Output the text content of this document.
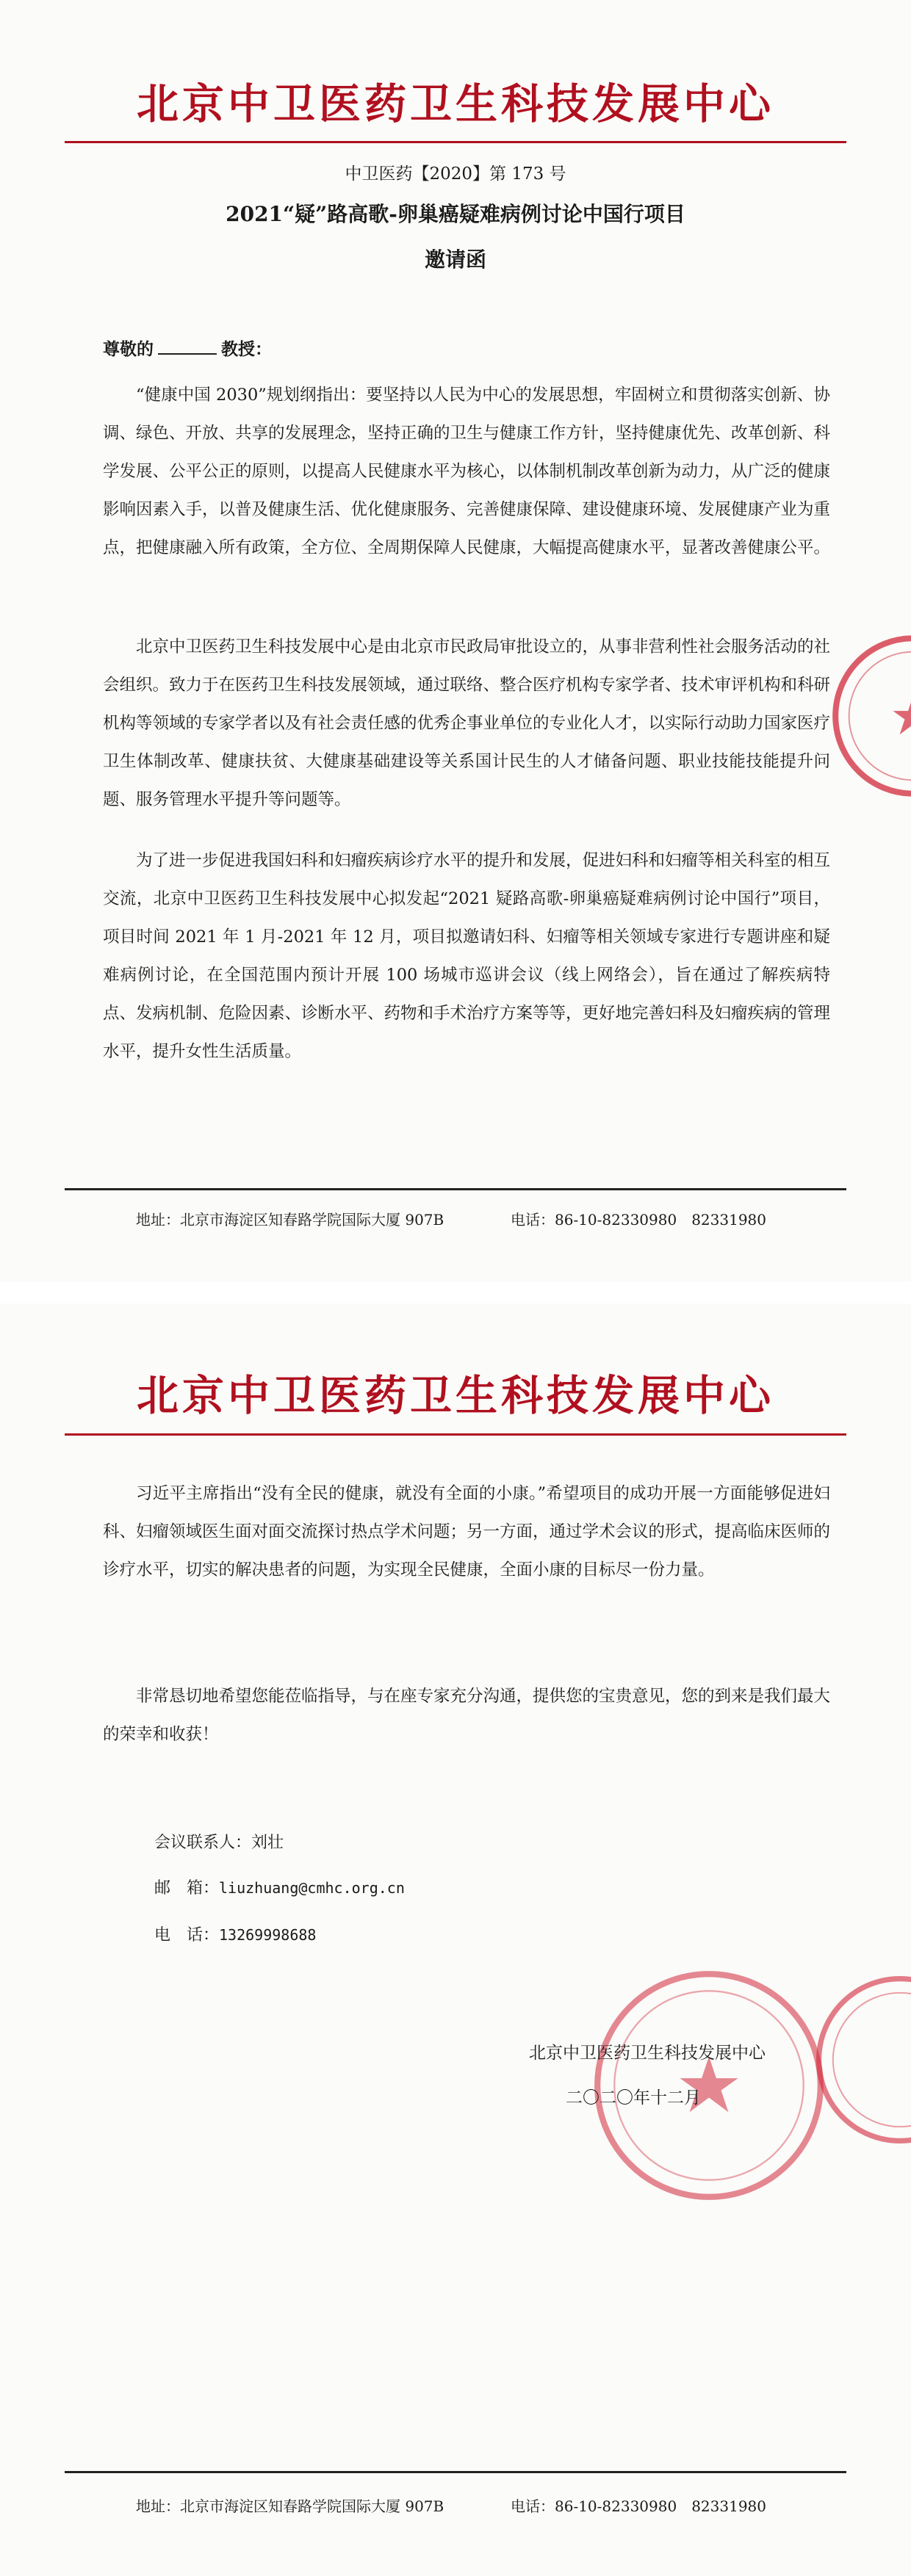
北京中卫医药卫生科技发展中心
中卫医药【2020】第 173 号
2021“疑”路高歌-卵巢癌疑难病例讨论中国行项目
邀请函
尊敬的	教授：

“健康中国 2030”规划纲指出：要坚持以人民为中心的发展思想，牢固树立和贯彻落实创新、协调、绿色、开放、共享的发展理念，坚持正确的卫生与健康工作方针，坚持健康优先、改革创新、科学发展、公平公正的原则，以提高人民健康水平为核心，以体制机制改革创新为动力，从广泛的健康影响因素入手，以普及健康生活、优化健康服务、完善健康保障、建设健康环境、发展健康产业为重点，把健康融入所有政策，全方位、全周期保障人民健康，大幅提高健康水平，显著改善健康公平。

北京中卫医药卫生科技发展中心是由北京市民政局审批设立的，从事非营利性社会服务活动的社会组织。致力于在医药卫生科技发展领域，通过联络、整合医疗机构专家学者、技术审评机构和科研机构等领域的专家学者以及有社会责任感的优秀企事业单位的专业化人才，以实际行动助力国家医疗卫生体制改革、健康扶贫、大健康基础建设等关系国计民生的人才储备问题、职业技能技能提升问题、服务管理水平提升等问题等。

为了进一步促进我国妇科和妇瘤疾病诊疗水平的提升和发展，促进妇科和妇瘤等相关科室的相互交流，北京中卫医药卫生科技发展中心拟发起“2021 疑路高歌-卵巢癌疑难病例讨论中国行”项目，项目时间 2021 年 1 月-2021 年 12 月，项目拟邀请妇科、妇瘤等相关领域专家进行专题讲座和疑难病例讨论，在全国范围内预计开展 100 场城市巡讲会议（线上网络会），旨在通过了解疾病特点、发病机制、危险因素、诊断水平、药物和手术治疗方案等等，更好地完善妇科及妇瘤疾病的管理水平，提升女性生活质量。

地址：北京市海淀区知春路学院国际大厦 907B	电话：86-10-82330980　82331980
北京中卫医药卫生科技发展中心

习近平主席指出“没有全民的健康，就没有全面的小康。”希望项目的成功开展一方面能够促进妇科、妇瘤领域医生面对面交流探讨热点学术问题；另一方面，通过学术会议的形式，提高临床医师的诊疗水平，切实的解决患者的问题，为实现全民健康，全面小康的目标尽一份力量。

非常恳切地希望您能莅临指导，与在座专家充分沟通，提供您的宝贵意见，您的到来是我们最大的荣幸和收获！

会议联系人：刘壮
邮　箱：liuzhuang@cmhc.org.cn
电　话：13269998688
北京中卫医药卫生科技发展中心
二〇二〇年十二月
地址：北京市海淀区知春路学院国际大厦 907B	电话：86-10-82330980　82331980
